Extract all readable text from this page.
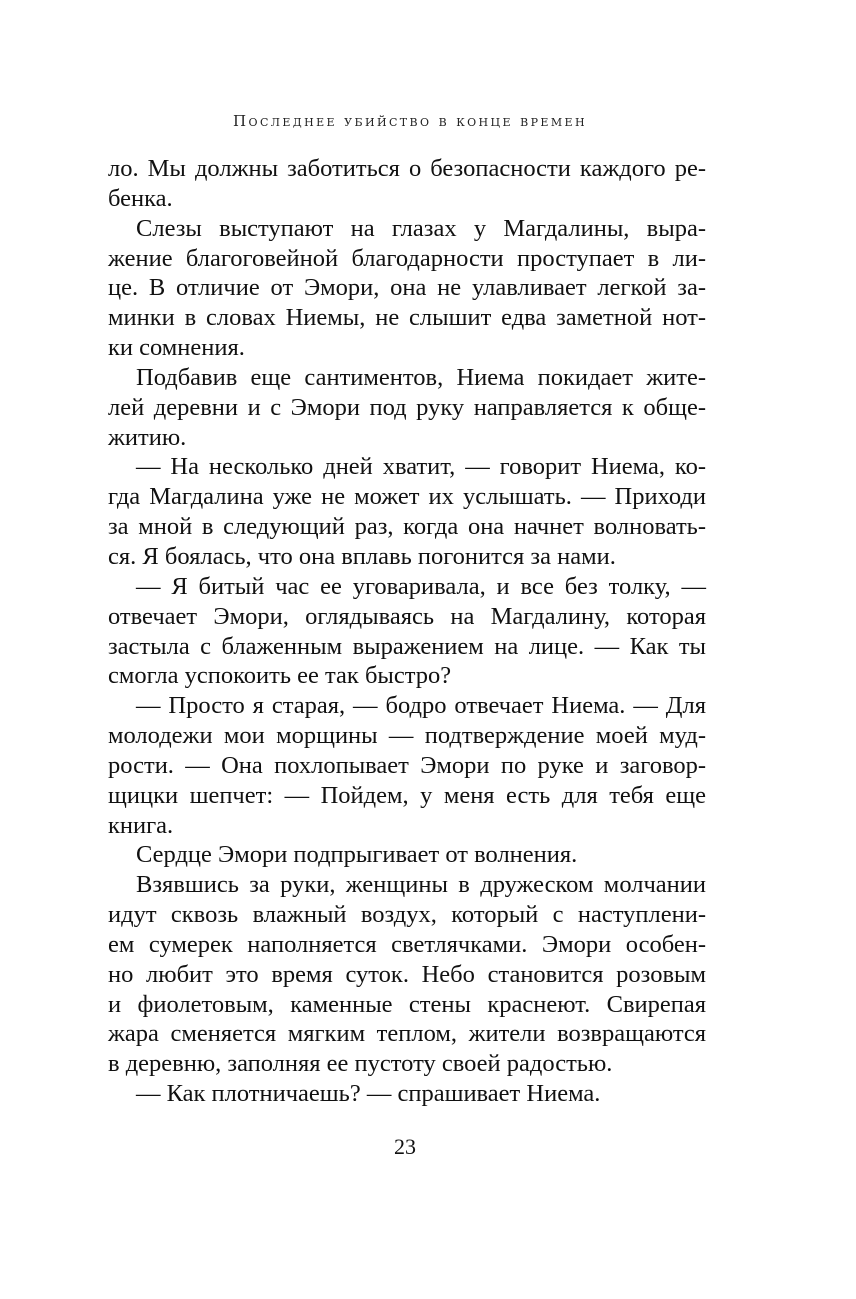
Последнее убийство в конце времен
ло. Мы должны заботиться о безопасности каждого ре-
бенка.
Слезы выступают на глазах у Магдалины, выра-
жение благоговейной благодарности проступает в ли-
це. В отличие от Эмори, она не улавливает легкой за-
минки в словах Ниемы, не слышит едва заметной нот-
ки сомнения.
Подбавив еще сантиментов, Ниема покидает жите-
лей деревни и с Эмори под руку направляется к обще-
житию.
— На несколько дней хватит, — говорит Ниема, ко-
гда Магдалина уже не может их услышать. — Приходи
за мной в следующий раз, когда она начнет волновать-
ся. Я боялась, что она вплавь погонится за нами.
— Я битый час ее уговаривала, и все без толку, —
отвечает Эмори, оглядываясь на Магдалину, которая
застыла с блаженным выражением на лице. — Как ты
смогла успокоить ее так быстро?
— Просто я старая, — бодро отвечает Ниема. — Для
молодежи мои морщины — подтверждение моей муд-
рости. — Она похлопывает Эмори по руке и заговор-
щицки шепчет: — Пойдем, у меня есть для тебя еще
книга.
Сердце Эмори подпрыгивает от волнения.
Взявшись за руки, женщины в дружеском молчании
идут сквозь влажный воздух, который с наступлени-
ем сумерек наполняется светлячками. Эмори особен-
но любит это время суток. Небо становится розовым
и фиолетовым, каменные стены краснеют. Свирепая
жара сменяется мягким теплом, жители возвращаются
в деревню, заполняя ее пустоту своей радостью.
— Как плотничаешь? — спрашивает Ниема.
23
